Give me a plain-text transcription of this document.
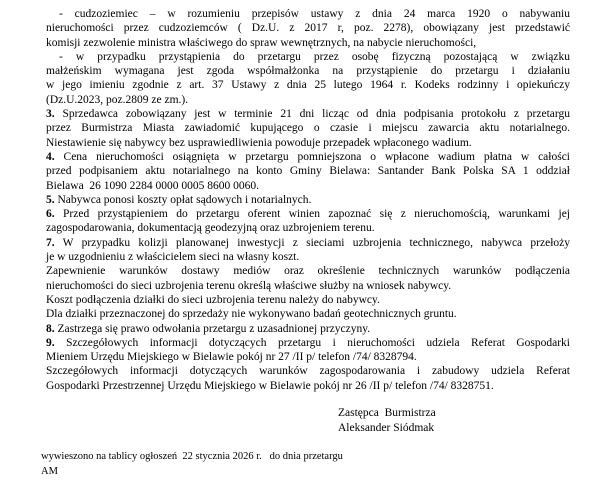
- cudzoziemiec – w rozumieniu przepisów ustawy z dnia 24 marca 1920 o nabywaniu
nieruchomości przez cudzoziemców ( Dz.U. z 2017 r, poz. 2278), obowiązany jest przedstawić
komisji zezwolenie ministra właściwego do spraw wewnętrznych, na nabycie nieruchomości,
- w przypadku przystąpienia do przetargu przez osobę fizyczną pozostającą w związku
małżeńskim wymagana jest zgoda współmałżonka na przystąpienie do przetargu i działaniu
w jego imieniu zgodnie z art. 37 Ustawy z dnia 25 lutego 1964 r. Kodeks rodzinny i opiekuńczy
(Dz.U.2023, poz.2809 ze zm.).
3. Sprzedawca zobowiązany jest w terminie 21 dni licząc od dnia podpisania protokołu z przetargu
przez Burmistrza Miasta zawiadomić kupującego o czasie i miejscu zawarcia aktu notarialnego.
Niestawienie się nabywcy bez usprawiedliwienia powoduje przepadek wpłaconego wadium.
4. Cena nieruchomości osiągnięta w przetargu pomniejszona o wpłacone wadium płatna w całości
przed podpisaniem aktu notarialnego na konto Gminy Bielawa: Santander Bank Polska SA 1 oddział
Bielawa  26 1090 2284 0000 0005 8600 0060.
5. Nabywca ponosi koszty opłat sądowych i notarialnych.
6. Przed przystąpieniem do przetargu oferent winien zapoznać się z nieruchomością, warunkami jej
zagospodarowania, dokumentacją geodezyjną oraz uzbrojeniem terenu.
7. W przypadku kolizji planowanej inwestycji z sieciami uzbrojenia technicznego, nabywca przełoży
je w uzgodnieniu z właścicielem sieci na własny koszt.
Zapewnienie warunków dostawy mediów oraz określenie technicznych warunków podłączenia
nieruchomości do sieci uzbrojenia terenu określą właściwe służby na wniosek nabywcy.
Koszt podłączenia działki do sieci uzbrojenia terenu należy do nabywcy.
Dla działki przeznaczonej do sprzedaży nie wykonywano badań geotechnicznych gruntu.
8. Zastrzega się prawo odwołania przetargu z uzasadnionej przyczyny.
9. Szczegółowych informacji dotyczących przetargu i nieruchomości udziela Referat Gospodarki
Mieniem Urzędu Miejskiego w Bielawie pokój nr 27 /II p/ telefon /74/ 8328794.
Szczegółowych informacji dotyczących warunków zagospodarowania i zabudowy udziela Referat
Gospodarki Przestrzennej Urzędu Miejskiego w Bielawie pokój nr 26 /II p/ telefon /74/ 8328751.
Zastępca  Burmistrza
Aleksander Siódmak
wywieszono na tablicy ogłoszeń  22 stycznia 2026 r.   do dnia przetargu
AM
